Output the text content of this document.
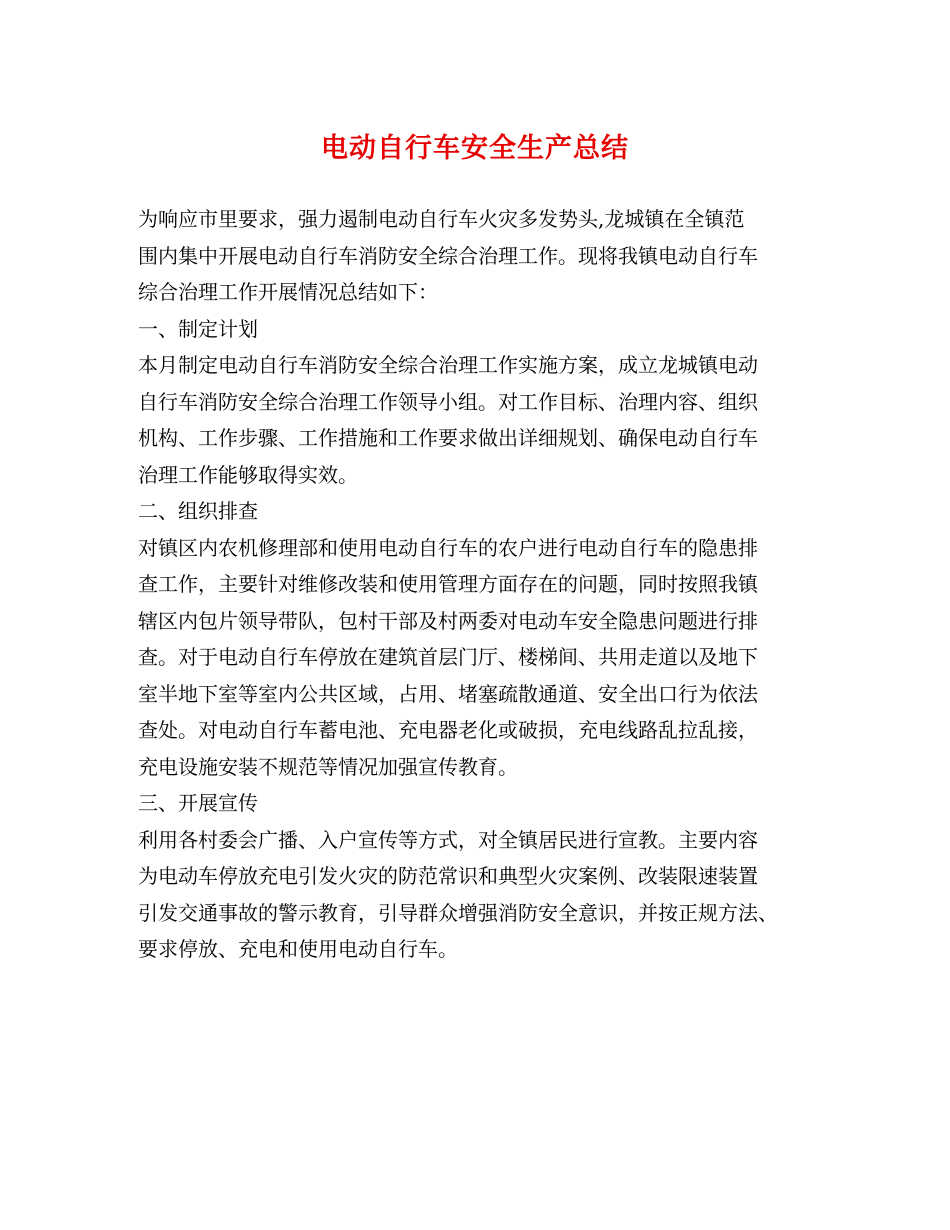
电动自行车安全生产总结
为响应市里要求，强力遏制电动自行车火灾多发势头,龙城镇在全镇范
围内集中开展电动自行车消防安全综合治理工作。现将我镇电动自行车
综合治理工作开展情况总结如下：
一、制定计划
本月制定电动自行车消防安全综合治理工作实施方案，成立龙城镇电动
自行车消防安全综合治理工作领导小组。对工作目标、治理内容、组织
机构、工作步骤、工作措施和工作要求做出详细规划、确保电动自行车
治理工作能够取得实效。
二、组织排查
对镇区内农机修理部和使用电动自行车的农户进行电动自行车的隐患排
查工作，主要针对维修改装和使用管理方面存在的问题，同时按照我镇
辖区内包片领导带队，包村干部及村两委对电动车安全隐患问题进行排
查。对于电动自行车停放在建筑首层门厅、楼梯间、共用走道以及地下
室半地下室等室内公共区域，占用、堵塞疏散通道、安全出口行为依法
查处。对电动自行车蓄电池、充电器老化或破损，充电线路乱拉乱接，
充电设施安装不规范等情况加强宣传教育。
三、开展宣传
利用各村委会广播、入户宣传等方式，对全镇居民进行宣教。主要内容
为电动车停放充电引发火灾的防范常识和典型火灾案例、改装限速装置
引发交通事故的警示教育，引导群众增强消防安全意识，并按正规方法、
要求停放、充电和使用电动自行车。
